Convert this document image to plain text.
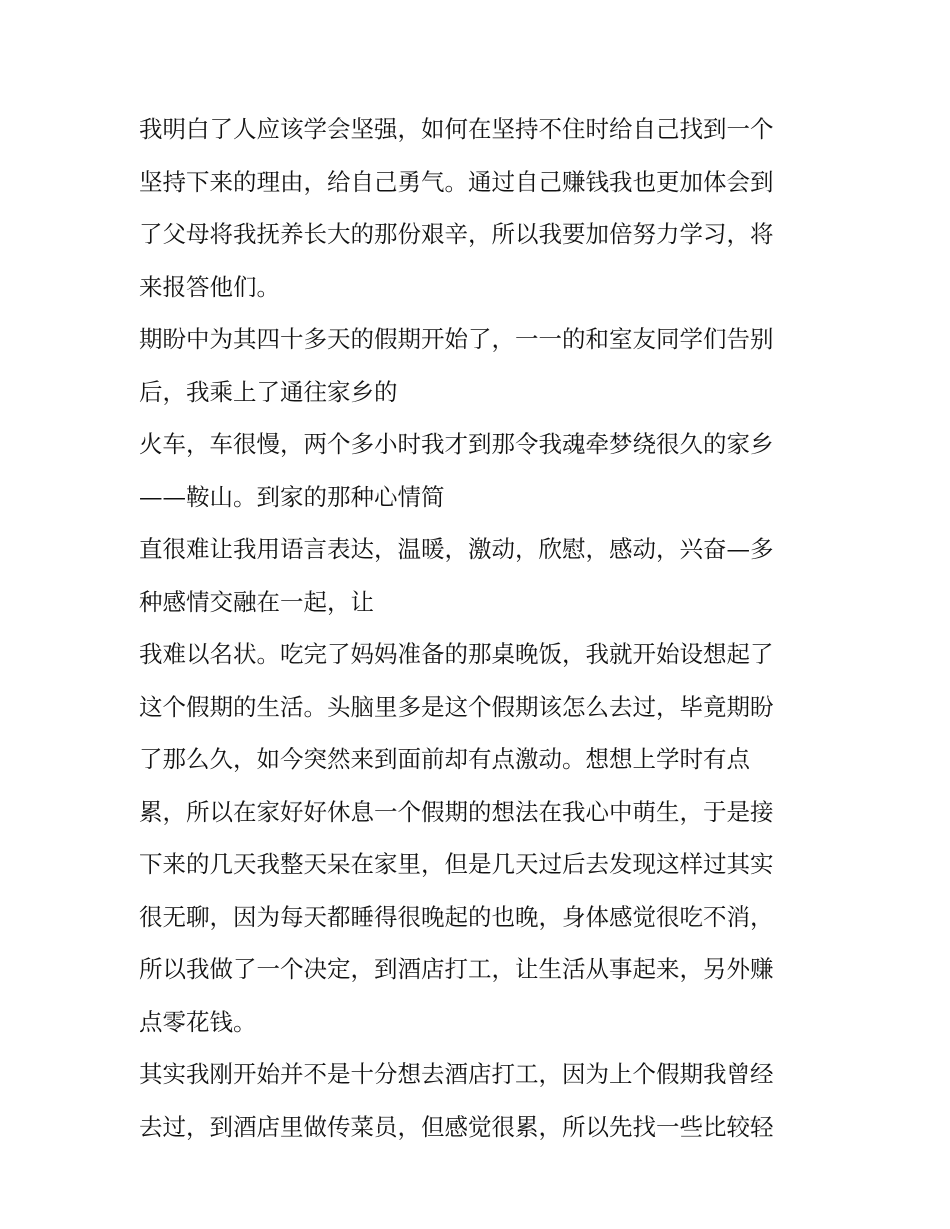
我明白了人应该学会坚强，如何在坚持不住时给自己找到一个
坚持下来的理由，给自己勇气。通过自己赚钱我也更加体会到
了父母将我抚养长大的那份艰辛，所以我要加倍努力学习，将
来报答他们。
期盼中为其四十多天的假期开始了，一一的和室友同学们告别
后，我乘上了通往家乡的
火车，车很慢，两个多小时我才到那令我魂牵梦绕很久的家乡
——鞍山。到家的那种心情简
直很难让我用语言表达，温暖，激动，欣慰，感动，兴奋—多
种感情交融在一起，让
我难以名状。吃完了妈妈准备的那桌晚饭，我就开始设想起了
这个假期的生活。头脑里多是这个假期该怎么去过，毕竟期盼
了那么久，如今突然来到面前却有点激动。想想上学时有点
累，所以在家好好休息一个假期的想法在我心中萌生，于是接
下来的几天我整天呆在家里，但是几天过后去发现这样过其实
很无聊，因为每天都睡得很晚起的也晚，身体感觉很吃不消，
所以我做了一个决定，到酒店打工，让生活从事起来，另外赚
点零花钱。
其实我刚开始并不是十分想去酒店打工，因为上个假期我曾经
去过，到酒店里做传菜员，但感觉很累，所以先找一些比较轻
